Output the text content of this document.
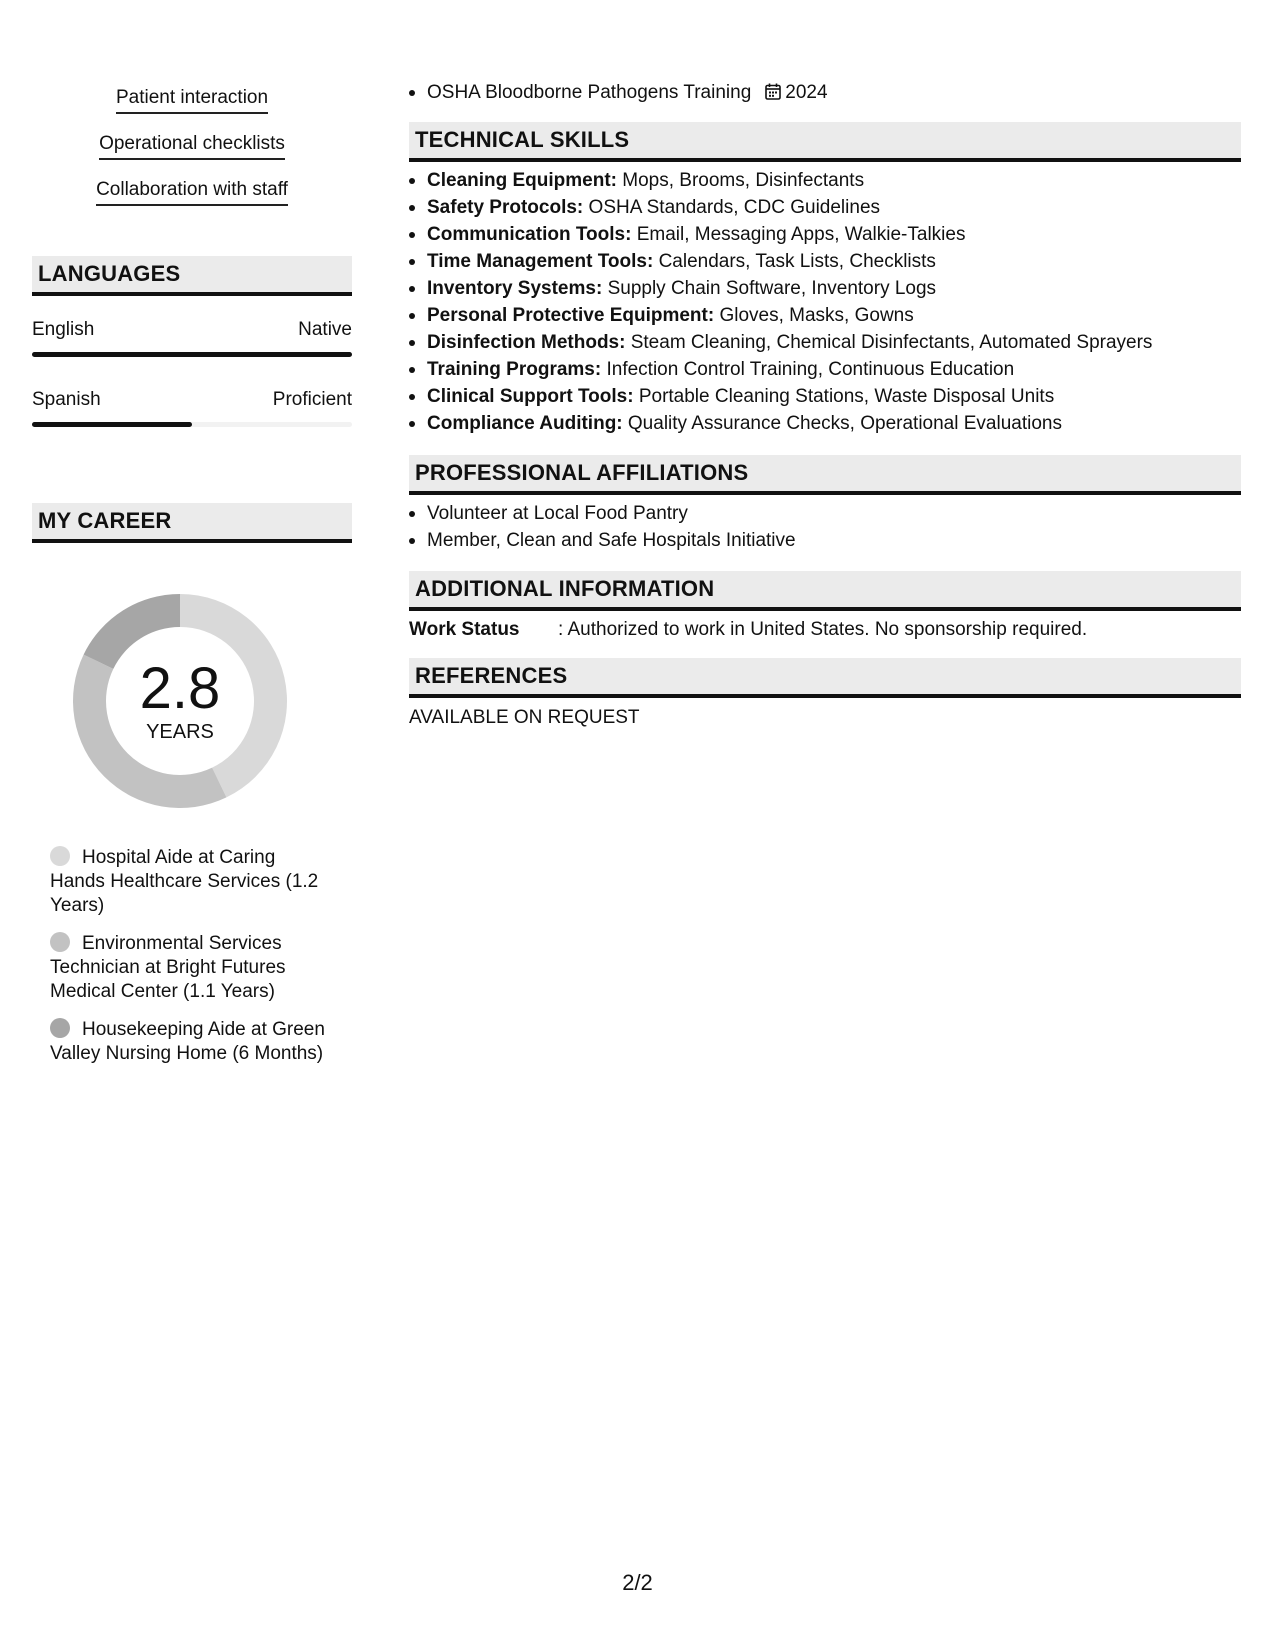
Patient interaction
Operational checklists
Collaboration with staff
LANGUAGES
English	Native
Spanish	Proficient
MY CAREER
2.8
YEARS
Hospital Aide at Caring Hands Healthcare Services (1.2 Years)
Environmental Services Technician at Bright Futures Medical Center (1.1 Years)
Housekeeping Aide at Green Valley Nursing Home (6 Months)
OSHA Bloodborne Pathogens Training 2024
TECHNICAL SKILLS
Cleaning Equipment: Mops, Brooms, Disinfectants
Safety Protocols: OSHA Standards, CDC Guidelines
Communication Tools: Email, Messaging Apps, Walkie-Talkies
Time Management Tools: Calendars, Task Lists, Checklists
Inventory Systems: Supply Chain Software, Inventory Logs
Personal Protective Equipment: Gloves, Masks, Gowns
Disinfection Methods: Steam Cleaning, Chemical Disinfectants, Automated Sprayers
Training Programs: Infection Control Training, Continuous Education
Clinical Support Tools: Portable Cleaning Stations, Waste Disposal Units
Compliance Auditing: Quality Assurance Checks, Operational Evaluations
PROFESSIONAL AFFILIATIONS
Volunteer at Local Food Pantry
Member, Clean and Safe Hospitals Initiative
ADDITIONAL INFORMATION
Work Status : Authorized to work in United States. No sponsorship required.
REFERENCES
AVAILABLE ON REQUEST
2/2
